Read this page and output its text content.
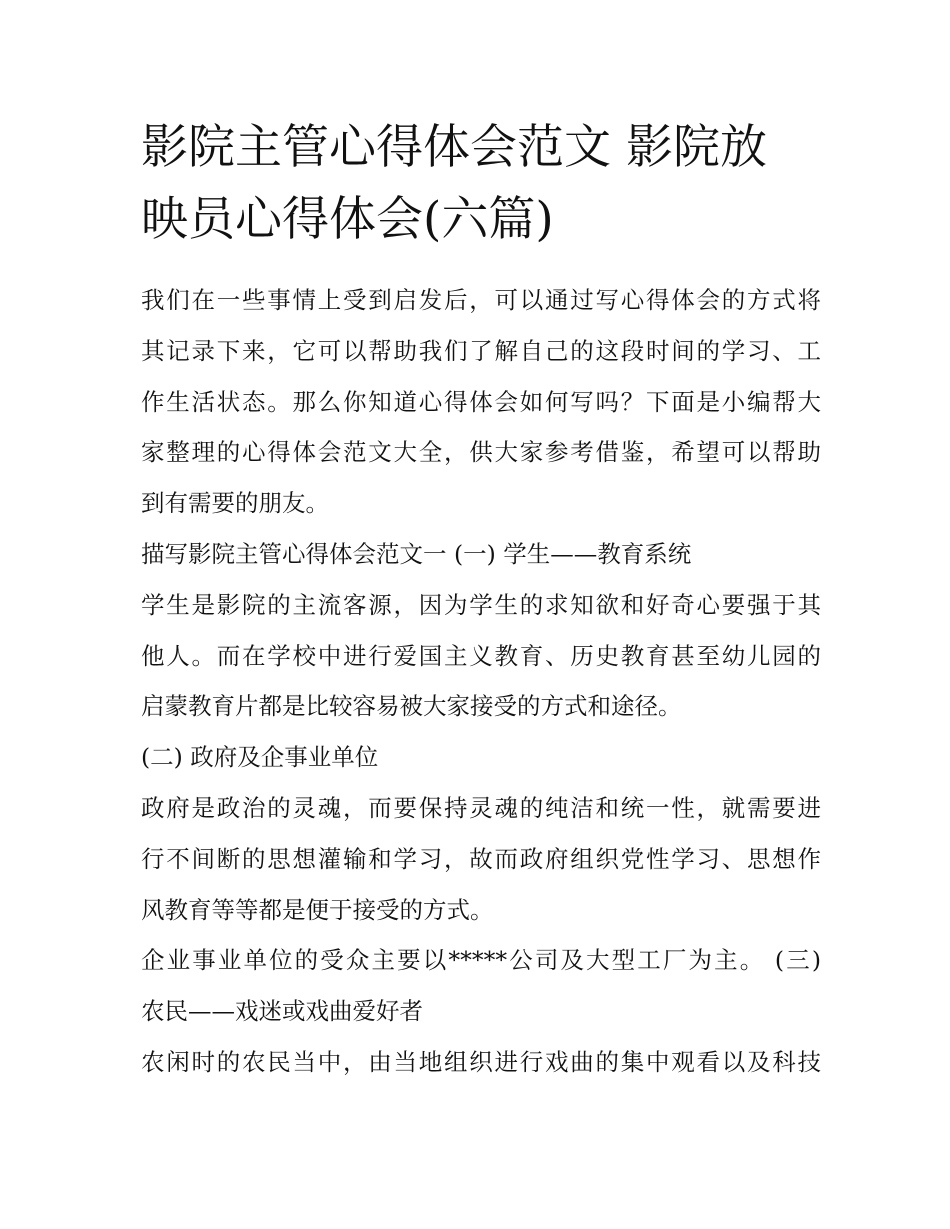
影院主管心得体会范文 影院放
映员心得体会(六篇)

我们在一些事情上受到启发后，可以通过写心得体会的方式将

其记录下来，它可以帮助我们了解自己的这段时间的学习、工

作生活状态。那么你知道心得体会如何写吗？下面是小编帮大

家整理的心得体会范文大全，供大家参考借鉴，希望可以帮助

到有需要的朋友。

描写影院主管心得体会范文一 (一) 学生——教育系统

学生是影院的主流客源，因为学生的求知欲和好奇心要强于其

他人。而在学校中进行爱国主义教育、历史教育甚至幼儿园的

启蒙教育片都是比较容易被大家接受的方式和途径。

(二) 政府及企事业单位

政府是政治的灵魂，而要保持灵魂的纯洁和统一性，就需要进

行不间断的思想灌输和学习，故而政府组织党性学习、思想作

风教育等等都是便于接受的方式。

企业事业单位的受众主要以*****公司及大型工厂为主。 (三)

农民——戏迷或戏曲爱好者

农闲时的农民当中，由当地组织进行戏曲的集中观看以及科技
